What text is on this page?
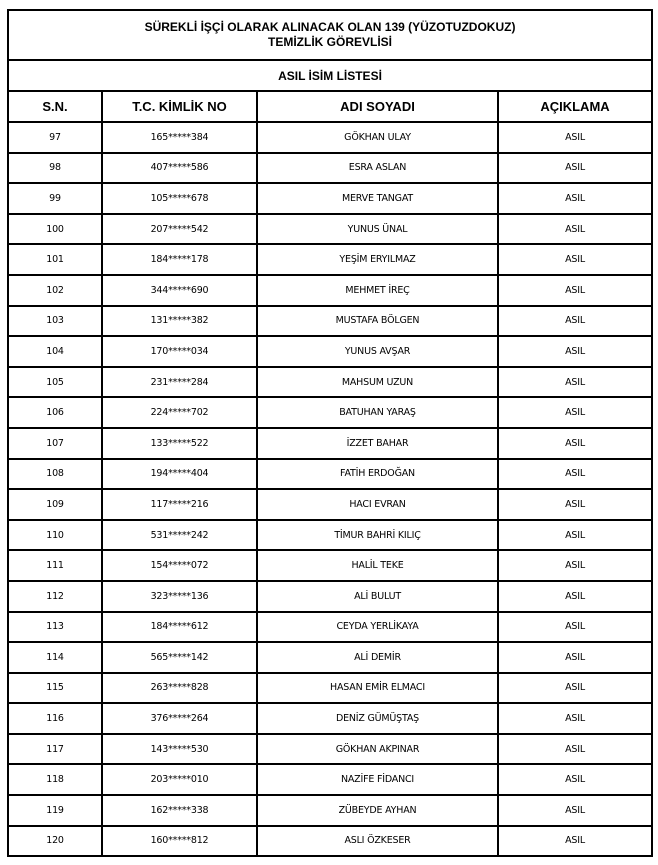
SÜREKLİ İŞÇİ OLARAK ALINACAK OLAN 139 (YÜZOTUZDOKUZ)
TEMİZLİK GÖREVLİSİ			

ASIL İSİM LİSTESİ			
S.N.	T.C. KİMLİK NO	ADI SOYADI	AÇIKLAMA
97	165*****384	GÖKHAN ULAY	ASIL
98	407*****586	ESRA ASLAN	ASIL
99	105*****678	MERVE TANGAT	ASIL
100	207*****542	YUNUS ÜNAL	ASIL
101	184*****178	YEŞİM ERYILMAZ	ASIL
102	344*****690	MEHMET İREÇ	ASIL
103	131*****382	MUSTAFA BÖLGEN	ASIL
104	170*****034	YUNUS AVŞAR	ASIL
105	231*****284	MAHSUM UZUN	ASIL
106	224*****702	BATUHAN YARAŞ	ASIL
107	133*****522	İZZET BAHAR	ASIL
108	194*****404	FATİH ERDOĞAN	ASIL
109	117*****216	HACI EVRAN	ASIL
110	531*****242	TİMUR BAHRİ KILIÇ	ASIL
111	154*****072	HALİL TEKE	ASIL
112	323*****136	ALİ BULUT	ASIL
113	184*****612	CEYDA YERLİKAYA	ASIL
114	565*****142	ALİ DEMİR	ASIL
115	263*****828	HASAN EMİR ELMACI	ASIL
116	376*****264	DENİZ GÜMÜŞTAŞ	ASIL
117	143*****530	GÖKHAN AKPINAR	ASIL
118	203*****010	NAZİFE FİDANCI	ASIL
119	162*****338	ZÜBEYDE AYHAN	ASIL
120	160*****812	ASLI ÖZKESER	ASIL
